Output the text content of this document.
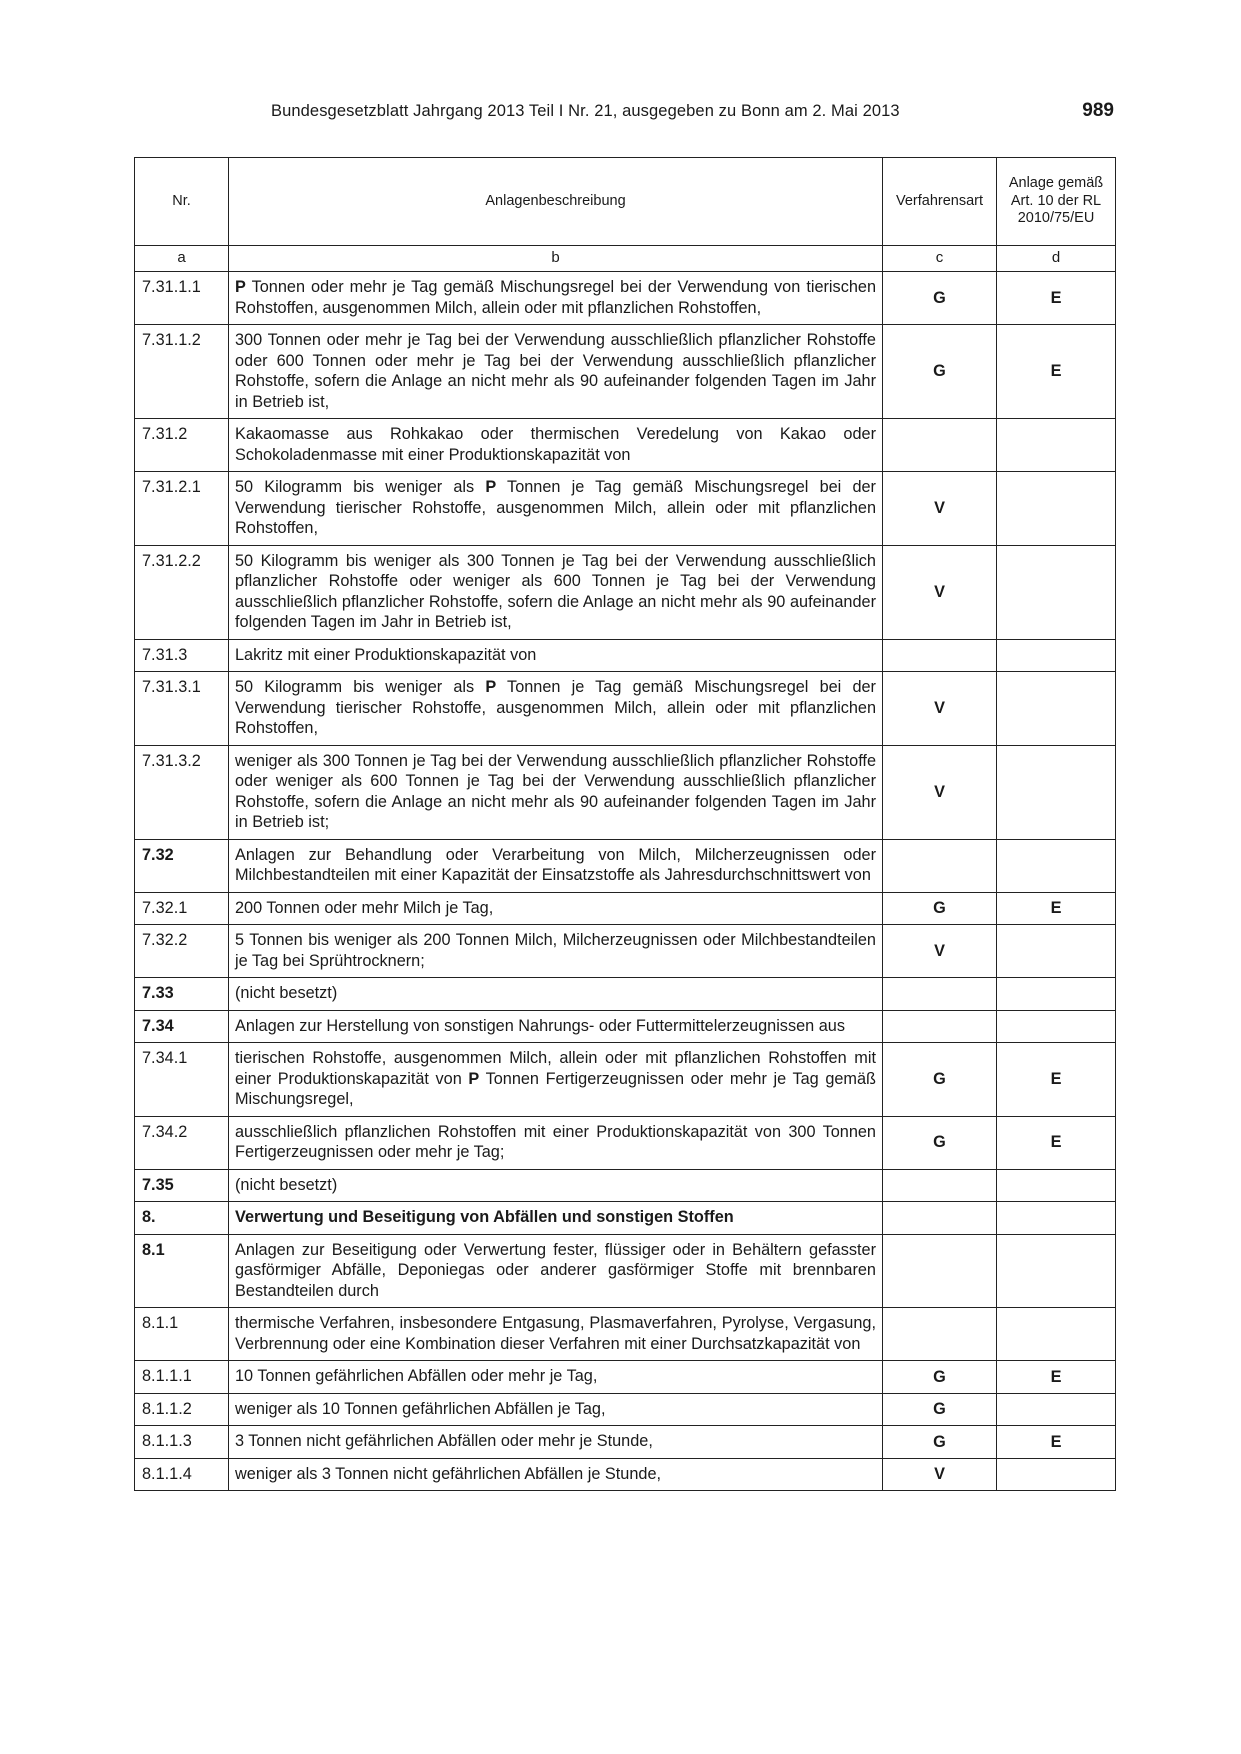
Bundesgesetzblatt Jahrgang 2013 Teil I Nr. 21, ausgegeben zu Bonn am 2. Mai 2013	989
Nr.	Anlagenbeschreibung	Verfahrensart	Anlage gemäß Art. 10 der RL 2010/75/EU
a	b	c	d
7.31.1.1	P Tonnen oder mehr je Tag gemäß Mischungsregel bei der Verwendung von tierischen Rohstoffen, ausgenommen Milch, allein oder mit pflanzlichen Rohstoffen,	G	E
7.31.1.2	300 Tonnen oder mehr je Tag bei der Verwendung ausschließlich pflanzlicher Rohstoffe oder 600 Tonnen oder mehr je Tag bei der Verwendung ausschließlich pflanzlicher Rohstoffe, sofern die Anlage an nicht mehr als 90 aufeinander folgenden Tagen im Jahr in Betrieb ist,	G	E
7.31.2	Kakaomasse aus Rohkakao oder thermischen Veredelung von Kakao oder Schokoladenmasse mit einer Produktionskapazität von		
7.31.2.1	50 Kilogramm bis weniger als P Tonnen je Tag gemäß Mischungsregel bei der Verwendung tierischer Rohstoffe, ausgenommen Milch, allein oder mit pflanzlichen Rohstoffen,	V	
7.31.2.2	50 Kilogramm bis weniger als 300 Tonnen je Tag bei der Verwendung ausschließlich pflanzlicher Rohstoffe oder weniger als 600 Tonnen je Tag bei der Verwendung ausschließlich pflanzlicher Rohstoffe, sofern die Anlage an nicht mehr als 90 aufeinander folgenden Tagen im Jahr in Betrieb ist,	V	
7.31.3	Lakritz mit einer Produktionskapazität von		
7.31.3.1	50 Kilogramm bis weniger als P Tonnen je Tag gemäß Mischungsregel bei der Verwendung tierischer Rohstoffe, ausgenommen Milch, allein oder mit pflanzlichen Rohstoffen,	V	
7.31.3.2	weniger als 300 Tonnen je Tag bei der Verwendung ausschließlich pflanzlicher Rohstoffe oder weniger als 600 Tonnen je Tag bei der Verwendung ausschließlich pflanzlicher Rohstoffe, sofern die Anlage an nicht mehr als 90 aufeinander folgenden Tagen im Jahr in Betrieb ist;	V	
7.32	Anlagen zur Behandlung oder Verarbeitung von Milch, Milcherzeugnissen oder Milchbestandteilen mit einer Kapazität der Einsatzstoffe als Jahresdurchschnittswert von		
7.32.1	200 Tonnen oder mehr Milch je Tag,	G	E
7.32.2	5 Tonnen bis weniger als 200 Tonnen Milch, Milcherzeugnissen oder Milchbestandteilen je Tag bei Sprühtrocknern;	V	
7.33	(nicht besetzt)		
7.34	Anlagen zur Herstellung von sonstigen Nahrungs- oder Futtermittelerzeugnissen aus		
7.34.1	tierischen Rohstoffe, ausgenommen Milch, allein oder mit pflanzlichen Rohstoffen mit einer Produktionskapazität von P Tonnen Fertigerzeugnissen oder mehr je Tag gemäß Mischungsregel,	G	E
7.34.2	ausschließlich pflanzlichen Rohstoffen mit einer Produktionskapazität von 300 Tonnen Fertigerzeugnissen oder mehr je Tag;	G	E
7.35	(nicht besetzt)		
8.	Verwertung und Beseitigung von Abfällen und sonstigen Stoffen		
8.1	Anlagen zur Beseitigung oder Verwertung fester, flüssiger oder in Behältern gefasster gasförmiger Abfälle, Deponiegas oder anderer gasförmiger Stoffe mit brennbaren Bestandteilen durch		
8.1.1	thermische Verfahren, insbesondere Entgasung, Plasmaverfahren, Pyrolyse, Vergasung, Verbrennung oder eine Kombination dieser Verfahren mit einer Durchsatzkapazität von		
8.1.1.1	10 Tonnen gefährlichen Abfällen oder mehr je Tag,	G	E
8.1.1.2	weniger als 10 Tonnen gefährlichen Abfällen je Tag,	G	
8.1.1.3	3 Tonnen nicht gefährlichen Abfällen oder mehr je Stunde,	G	E
8.1.1.4	weniger als 3 Tonnen nicht gefährlichen Abfällen je Stunde,	V	
